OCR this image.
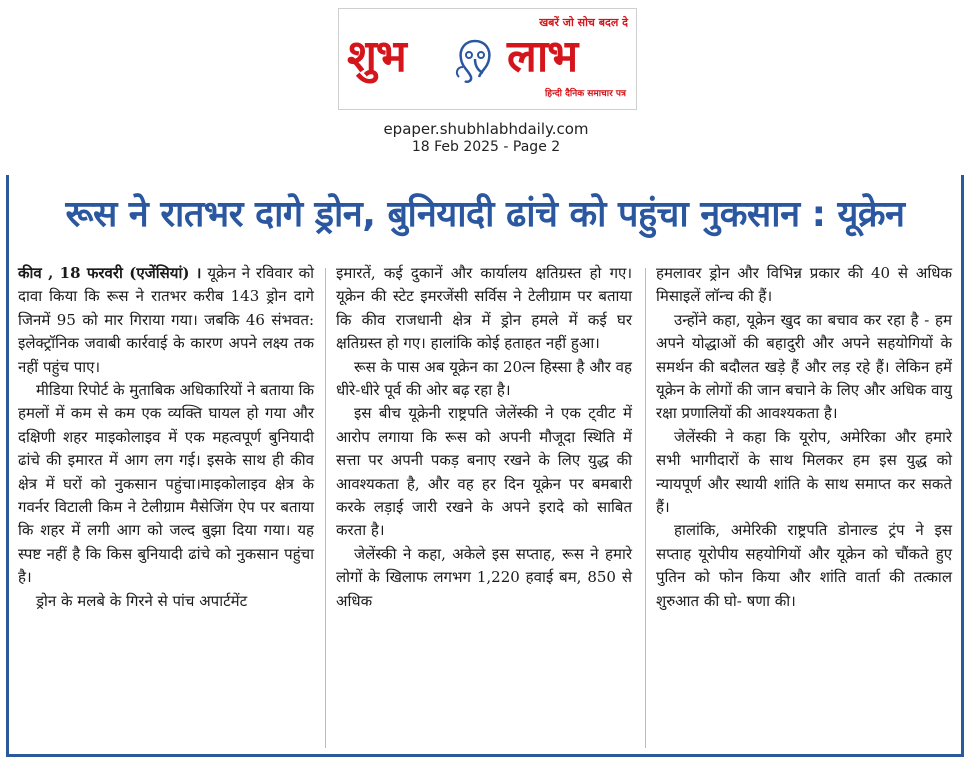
खबरें जो सोच बदल दे
शुभ लाभ
हिन्दी दैनिक समाचार पत्र
epaper.shubhlabhdaily.com
18 Feb 2025 - Page 2
रूस ने रातभर दागे ड्रोन, बुनियादी ढांचे को पहुंचा नुकसान : यूक्रेन

कीव , 18 फरवरी (एजेंसियां) । यूक्रेन ने रविवार को दावा किया कि रूस ने रातभर करीब 143 ड्रोन दागे जिनमें 95 को मार गिराया गया। जबकि 46 संभवत: इलेक्ट्रॉनिक जवाबी कार्रवाई के कारण अपने लक्ष्य तक नहीं पहुंच पाए।

मीडिया रिपोर्ट के मुताबिक अधिकारियों ने बताया कि हमलों में कम से कम एक व्यक्ति घायल हो गया और दक्षिणी शहर माइकोलाइव में एक महत्वपूर्ण बुनियादी ढांचे की इमारत में आग लग गई। इसके साथ ही कीव क्षेत्र में घरों को नुकसान पहुंचा।माइकोलाइव क्षेत्र के गवर्नर विटाली किम ने टेलीग्राम मैसेजिंग ऐप पर बताया कि शहर में लगी आग को जल्द बुझा दिया गया। यह स्पष्ट नहीं है कि किस बुनियादी ढांचे को नुकसान पहुंचा है।

ड्रोन के मलबे के गिरने से पांच अपार्टमेंट

इमारतें, कई दुकानें और कार्यालय क्षतिग्रस्त हो गए।यूक्रेन की स्टेट इमरजेंसी सर्विस ने टेलीग्राम पर बताया कि कीव राजधानी क्षेत्र में ड्रोन हमले में कई घर क्षतिग्रस्त हो गए। हालांकि कोई हताहत नहीं हुआ।

रूस के पास अब यूक्रेन का 20त्न हिस्सा है और वह धीरे-धीरे पूर्व की ओर बढ़ रहा है।

इस बीच यूक्रेनी राष्ट्रपति जेलेंस्की ने एक ट्वीट में आरोप लगाया कि रूस को अपनी मौजूदा स्थिति में सत्ता पर अपनी पकड़ बनाए रखने के लिए युद्ध की आवश्यकता है, और वह हर दिन यूक्रेन पर बमबारी करके लड़ाई जारी रखने के अपने इरादे को साबित करता है।

जेलेंस्की ने कहा, अकेले इस सप्ताह, रूस ने हमारे लोगों के खिलाफ लगभग 1,220 हवाई बम, 850 से अधिक

हमलावर ड्रोन और विभिन्न प्रकार की 40 से अधिक मिसाइलें लॉन्च की हैं।

उन्होंने कहा, यूक्रेन खुद का बचाव कर रहा है - हम अपने योद्धाओं की बहादुरी और अपने सहयोगियों के समर्थन की बदौलत खड़े हैं और लड़ रहे हैं। लेकिन हमें यूक्रेन के लोगों की जान बचाने के लिए और अधिक वायु रक्षा प्रणालियों की आवश्यकता है।

जेलेंस्की ने कहा कि यूरोप, अमेरिका और हमारे सभी भागीदारों के साथ मिलकर हम इस युद्ध को न्यायपूर्ण और स्थायी शांति के साथ समाप्त कर सकते हैं।

हालांकि, अमेरिकी राष्ट्रपति डोनाल्ड ट्रंप ने इस सप्ताह यूरोपीय सहयोगियों और यूक्रेन को चौंकते हुए पुतिन को फोन किया और शांति वार्ता की तत्काल शुरुआत की घो- षणा की।
